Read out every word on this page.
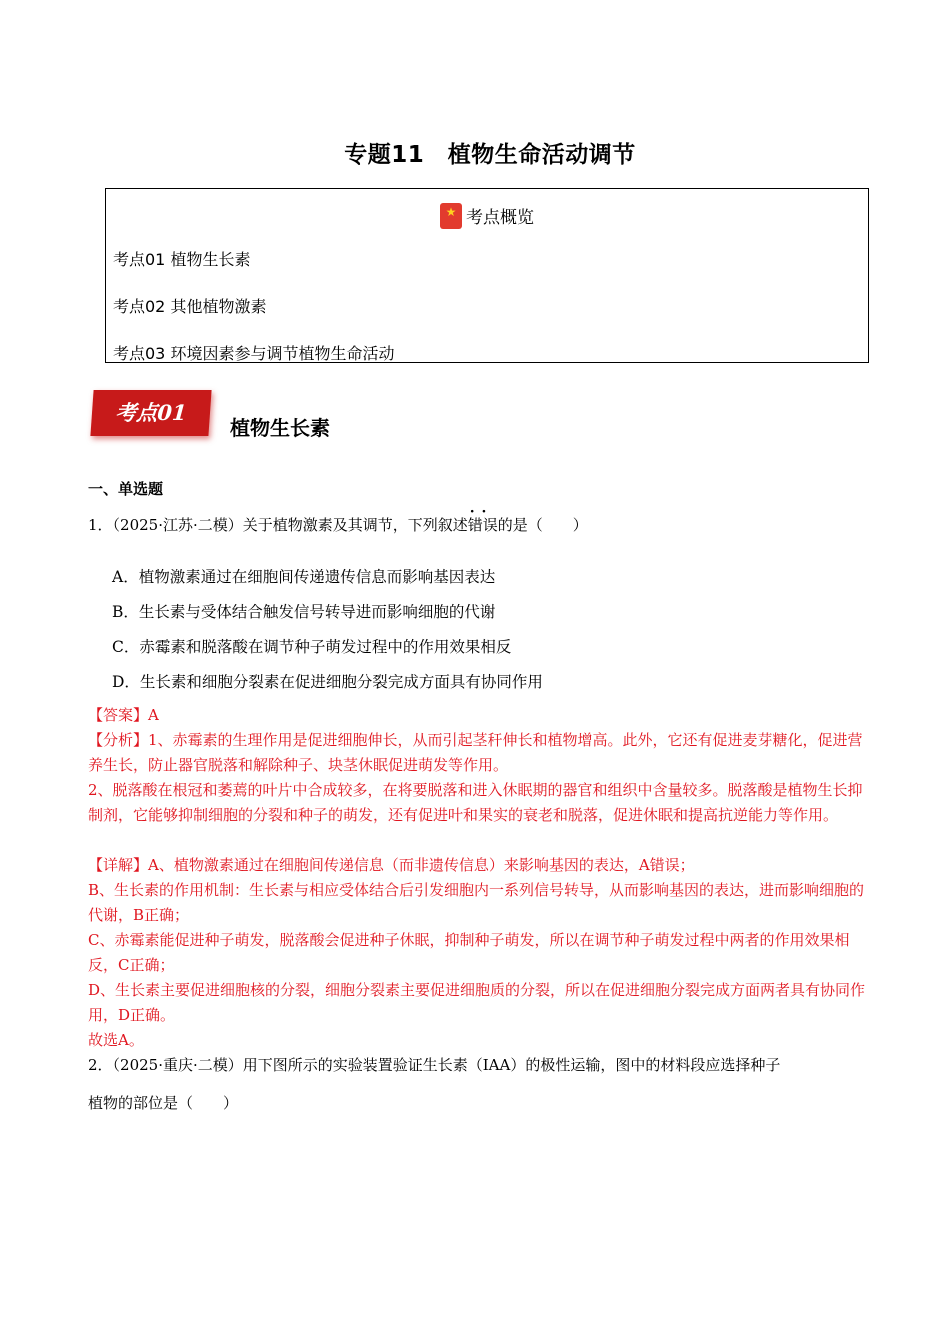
专题11　植物生命活动调节
★考点概览
考点01 植物生长素
考点02 其他植物激素
考点03 环境因素参与调节植物生命活动
考点01
植物生长素
一、单选题
1．（2025·江苏·二模）关于植物激素及其调节，下列叙述· · 错误的是（　　）
A．植物激素通过在细胞间传递遗传信息而影响基因表达
B．生长素与受体结合触发信号转导进而影响细胞的代谢
C．赤霉素和脱落酸在调节种子萌发过程中的作用效果相反
D．生长素和细胞分裂素在促进细胞分裂完成方面具有协同作用
【答案】A
【分析】1、赤霉素的生理作用是促进细胞伸长，从而引起茎秆伸长和植物增高。此外，它还有促进麦芽糖化，促进营养生长，防止器官脱落和解除种子、块茎休眠促进萌发等作用。
2、脱落酸在根冠和萎蔫的叶片中合成较多，在将要脱落和进入休眠期的器官和组织中含量较多。脱落酸是植物生长抑制剂，它能够抑制细胞的分裂和种子的萌发，还有促进叶和果实的衰老和脱落，促进休眠和提高抗逆能力等作用。
【详解】A、植物激素通过在细胞间传递信息（而非遗传信息）来影响基因的表达，A错误；
B、生长素的作用机制：生长素与相应受体结合后引发细胞内一系列信号转导，从而影响基因的表达，进而影响细胞的代谢，B正确；
C、赤霉素能促进种子萌发，脱落酸会促进种子休眠，抑制种子萌发，所以在调节种子萌发过程中两者的作用效果相反，C正确；
D、生长素主要促进细胞核的分裂，细胞分裂素主要促进细胞质的分裂，所以在促进细胞分裂完成方面两者具有协同作用，D正确。
故选A。
2．（2025·重庆·二模）用下图所示的实验装置验证生长素（IAA）的极性运输，图中的材料段应选择种子
植物的部位是（　　）
